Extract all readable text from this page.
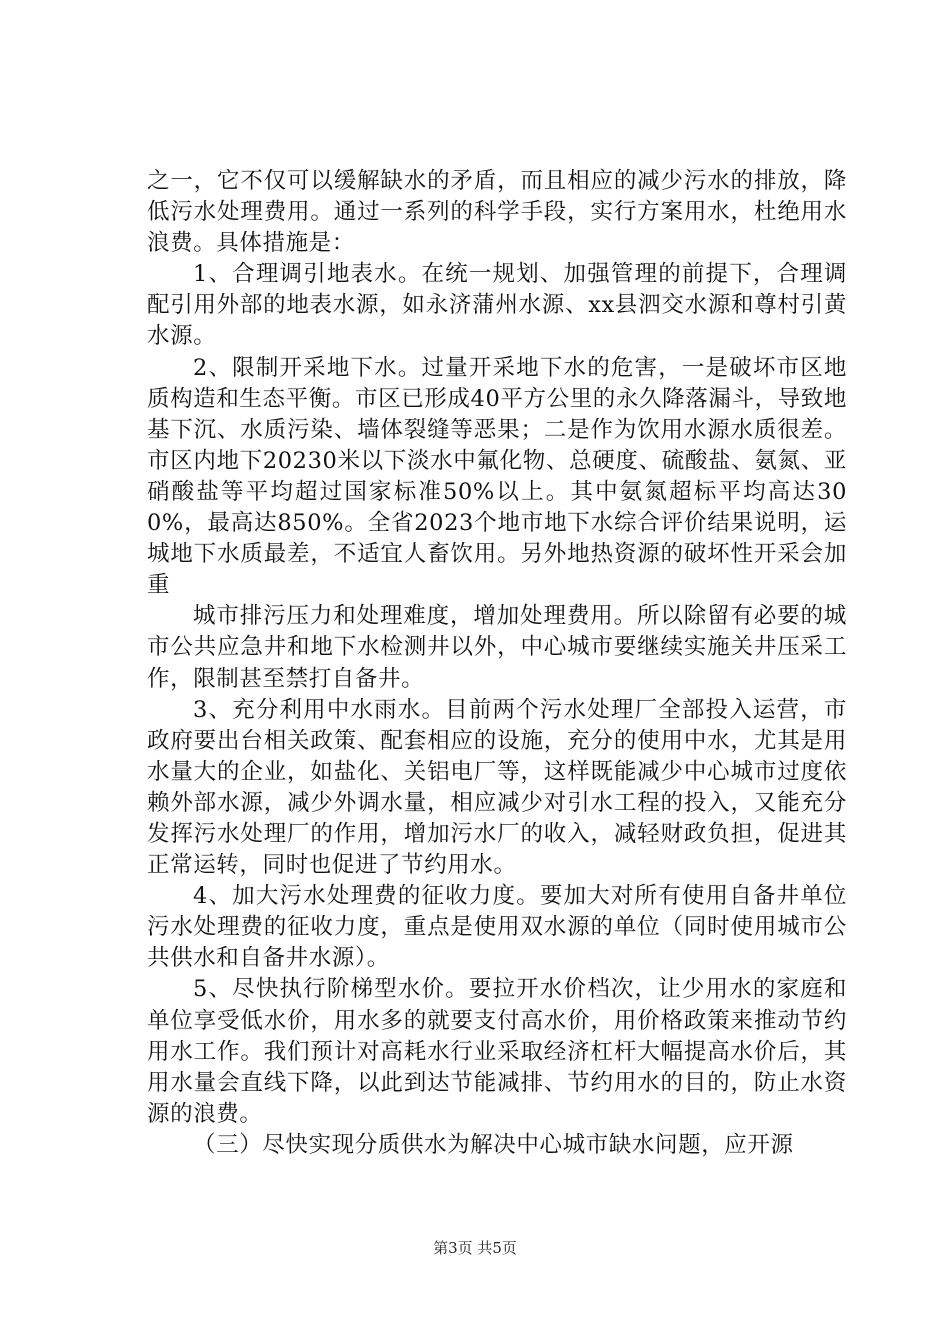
之一，它不仅可以缓解缺水的矛盾，而且相应的减少污水的排放，降低污水处理费用。通过一系列的科学手段，实行方案用水，杜绝用水浪费。具体措施是：

1、合理调引地表水。在统一规划、加强管理的前提下，合理调配引用外部的地表水源，如永济蒲州水源、xx县泗交水源和尊村引黄水源。

2、限制开采地下水。过量开采地下水的危害，一是破坏市区地质构造和生态平衡。市区已形成40平方公里的永久降落漏斗，导致地基下沉、水质污染、墙体裂缝等恶果；二是作为饮用水源水质很差。市区内地下20230米以下淡水中氟化物、总硬度、硫酸盐、氨氮、亚硝酸盐等平均超过国家标准50%以上。其中氨氮超标平均高达300%，最高达850%。全省2023个地市地下水综合评价结果说明，运城地下水质最差，不适宜人畜饮用。另外地热资源的破坏性开采会加重

城市排污压力和处理难度，增加处理费用。所以除留有必要的城市公共应急井和地下水检测井以外，中心城市要继续实施关井压采工作，限制甚至禁打自备井。

3、充分利用中水雨水。目前两个污水处理厂全部投入运营，市政府要出台相关政策、配套相应的设施，充分的使用中水，尤其是用水量大的企业，如盐化、关铝电厂等，这样既能减少中心城市过度依赖外部水源，减少外调水量，相应减少对引水工程的投入，又能充分发挥污水处理厂的作用，增加污水厂的收入，减轻财政负担，促进其正常运转，同时也促进了节约用水。

4、加大污水处理费的征收力度。要加大对所有使用自备井单位污水处理费的征收力度，重点是使用双水源的单位（同时使用城市公共供水和自备井水源）。

5、尽快执行阶梯型水价。要拉开水价档次，让少用水的家庭和单位享受低水价，用水多的就要支付高水价，用价格政策来推动节约用水工作。我们预计对高耗水行业采取经济杠杆大幅提高水价后，其用水量会直线下降，以此到达节能减排、节约用水的目的，防止水资源的浪费。

（三）尽快实现分质供水为解决中心城市缺水问题，应开源

第3页 共5页
